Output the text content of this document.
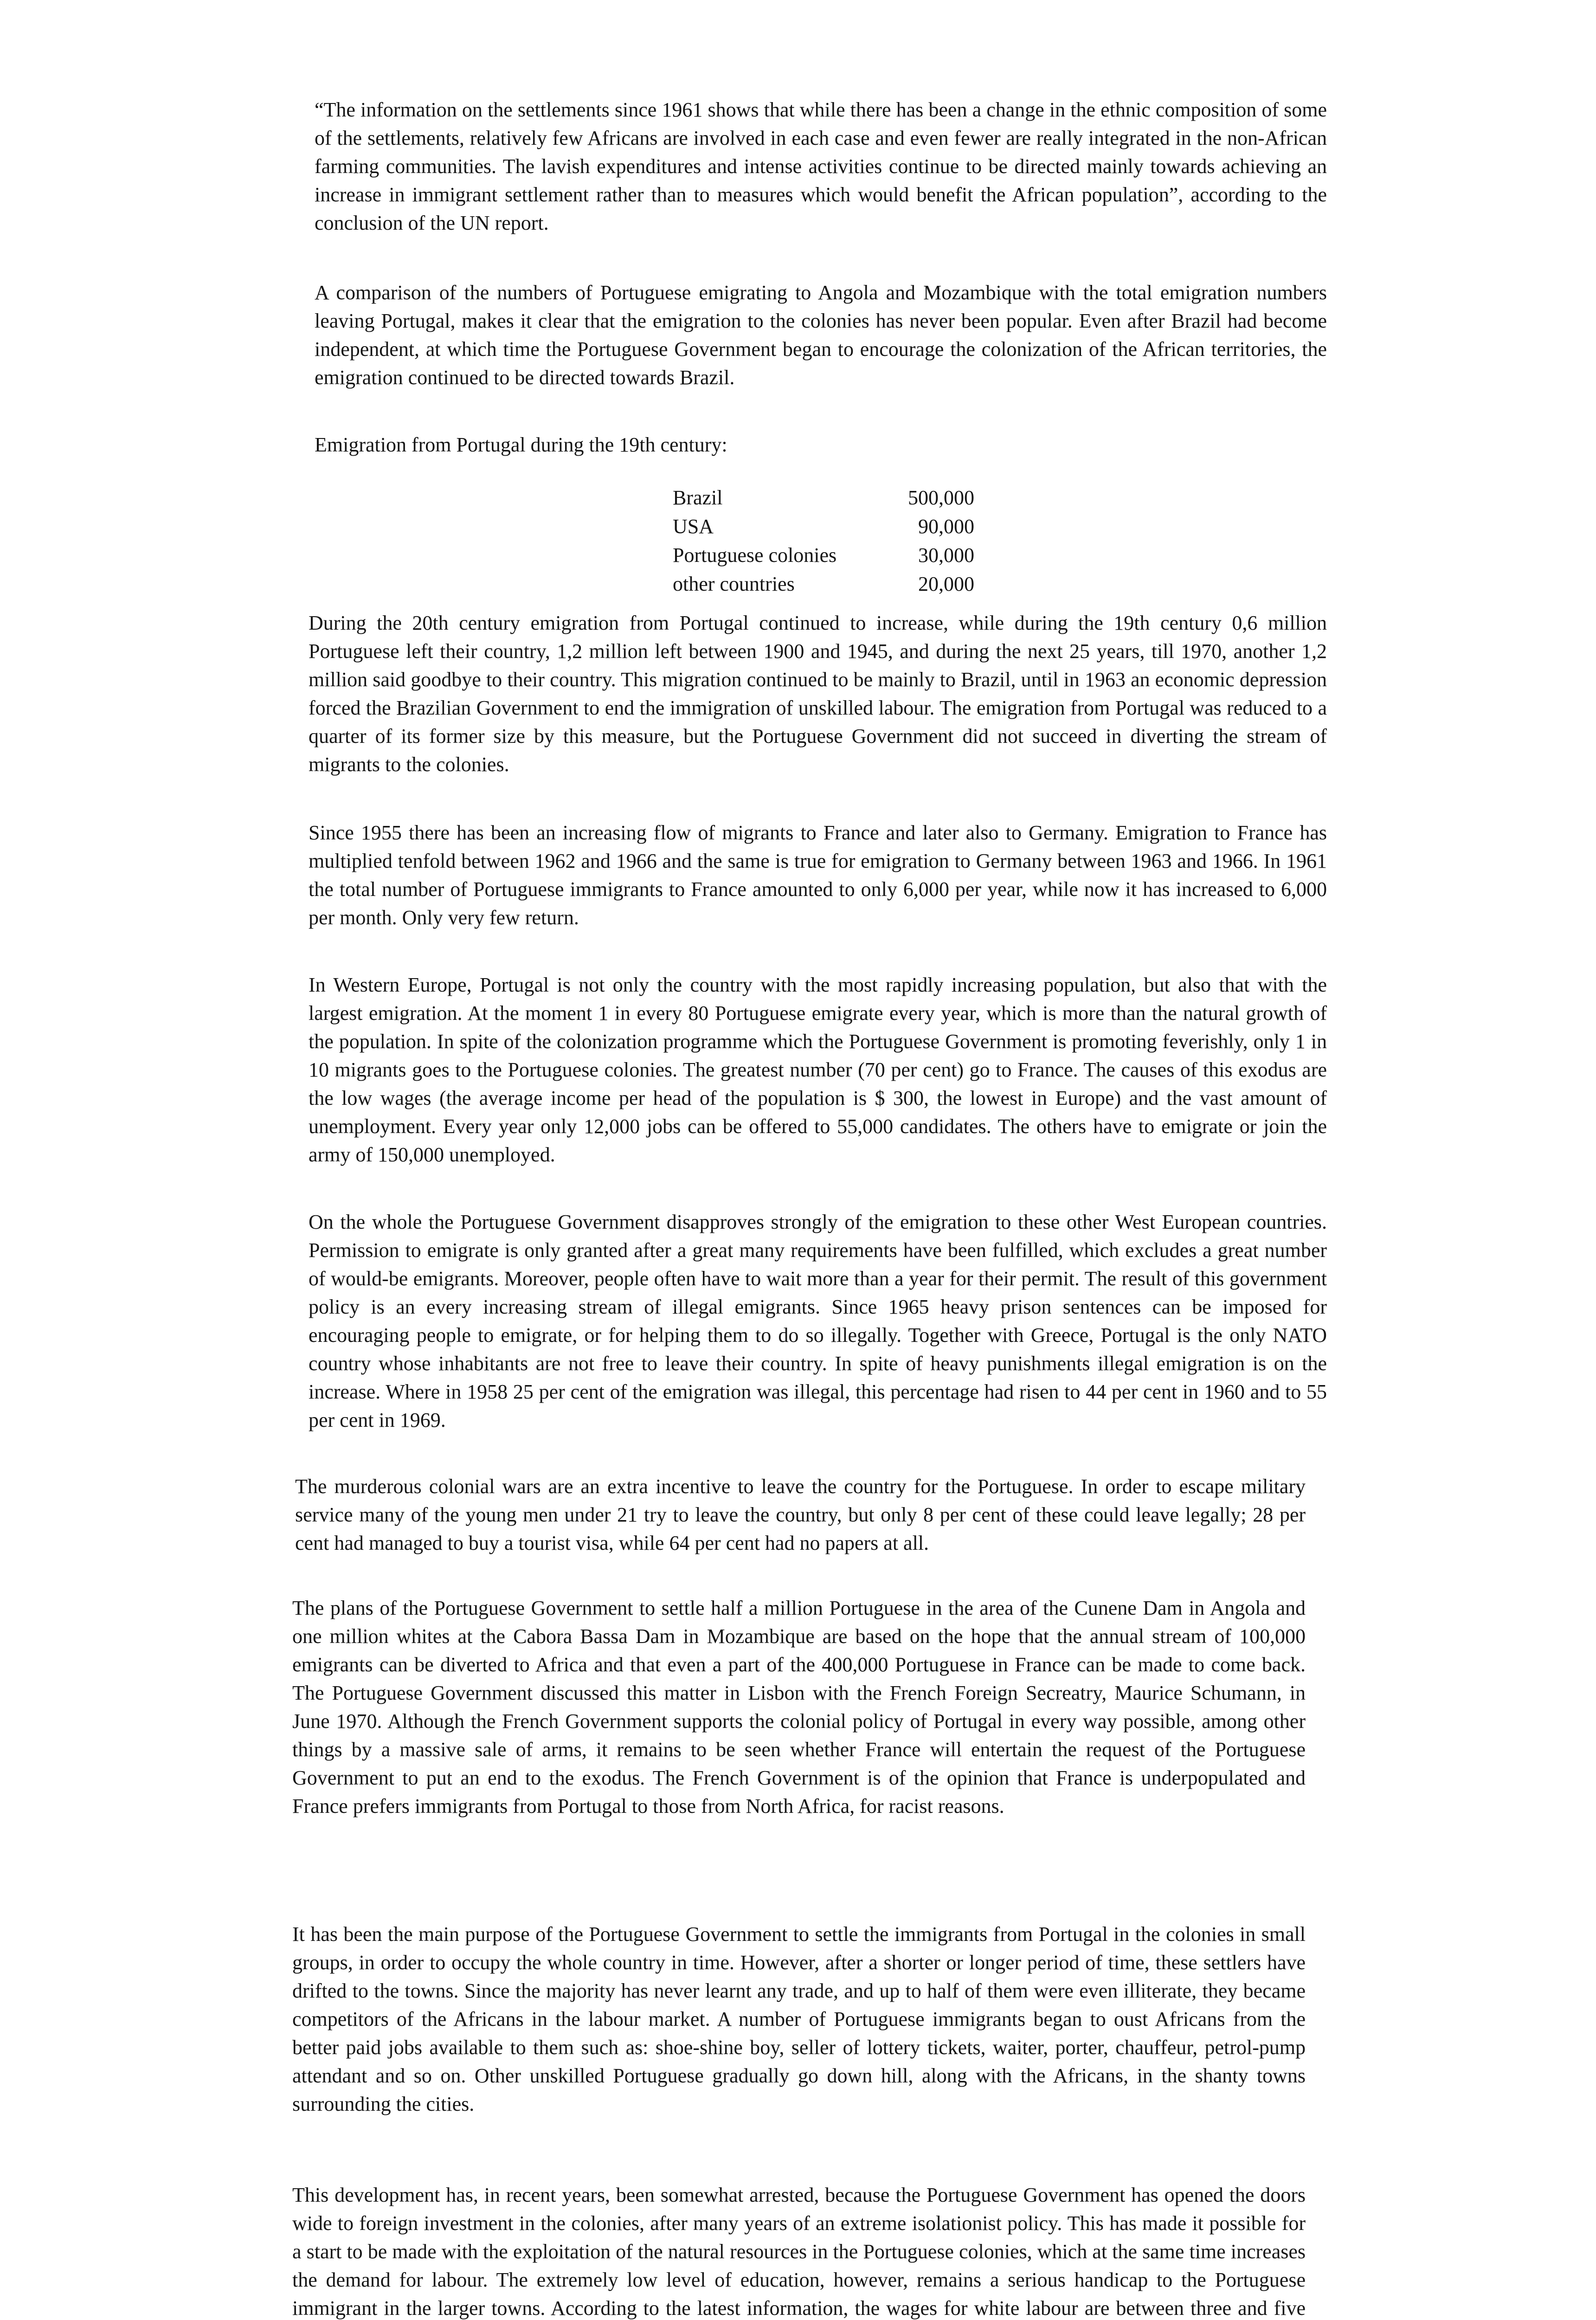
“The information on the settlements since 1961 shows that while there has been a change in the ethnic composition of some of the settlements, relatively few Africans are involved in each case and even fewer are really integrated in the non-African farming communities. The lavish expenditures and intense activities continue to be directed mainly towards achieving an increase in immigrant settlement rather than to measures which would benefit the African population”, according to the conclusion of the UN report.

A comparison of the numbers of Portuguese emigrating to Angola and Mozambique with the total emigration numbers leaving Portugal, makes it clear that the emigration to the colonies has never been popular. Even after Brazil had become independent, at which time the Portuguese Government began to encourage the colonization of the African territories, the emigration continued to be directed towards Brazil.

Emigration from Portugal during the 19th century:

Brazil	500,000
USA	90,000
Portuguese colonies	30,000
other countries	20,000

During the 20th century emigration from Portugal continued to increase, while during the 19th century 0,6 million Portuguese left their country, 1,2 million left between 1900 and 1945, and during the next 25 years, till 1970, another 1,2 million said goodbye to their country. This migration continued to be mainly to Brazil, until in 1963 an economic depression forced the Brazilian Government to end the immigration of unskilled labour. The emigration from Portugal was reduced to a quarter of its former size by this measure, but the Portuguese Government did not succeed in diverting the stream of migrants to the colonies.

Since 1955 there has been an increasing flow of migrants to France and later also to Germany. Emigration to France has multiplied tenfold between 1962 and 1966 and the same is true for emigration to Germany between 1963 and 1966. In 1961 the total number of Portuguese immigrants to France amounted to only 6,000 per year, while now it has increased to 6,000 per month. Only very few return.

In Western Europe, Portugal is not only the country with the most rapidly increasing population, but also that with the largest emigration. At the moment 1 in every 80 Portuguese emigrate every year, which is more than the natural growth of the population. In spite of the colonization programme which the Portuguese Government is promoting feverishly, only 1 in 10 migrants goes to the Portuguese colonies. The greatest number (70 per cent) go to France. The causes of this exodus are the low wages (the average income per head of the population is $ 300, the lowest in Europe) and the vast amount of unemployment. Every year only 12,000 jobs can be offered to 55,000 candidates. The others have to emigrate or join the army of 150,000 unemployed.

On the whole the Portuguese Government disapproves strongly of the emigration to these other West European countries. Permission to emigrate is only granted after a great many requirements have been fulfilled, which excludes a great number of would-be emigrants. Moreover, people often have to wait more than a year for their permit. The result of this government policy is an every increasing stream of illegal emigrants. Since 1965 heavy prison sentences can be imposed for encouraging people to emigrate, or for helping them to do so illegally. Together with Greece, Portugal is the only NATO country whose inhabitants are not free to leave their country. In spite of heavy punishments illegal emigration is on the increase. Where in 1958 25 per cent of the emigration was illegal, this percentage had risen to 44 per cent in 1960 and to 55 per cent in 1969.

The murderous colonial wars are an extra incentive to leave the country for the Portuguese. In order to escape military service many of the young men under 21 try to leave the country, but only 8 per cent of these could leave legally; 28 per cent had managed to buy a tourist visa, while 64 per cent had no papers at all.

The plans of the Portuguese Government to settle half a million Portuguese in the area of the Cunene Dam in Angola and one million whites at the Cabora Bassa Dam in Mozambique are based on the hope that the annual stream of 100,000 emigrants can be diverted to Africa and that even a part of the 400,000 Portuguese in France can be made to come back. The Portuguese Government discussed this matter in Lisbon with the French Foreign Secreatry, Maurice Schumann, in June 1970. Although the French Government supports the colonial policy of Portugal in every way possible, among other things by a massive sale of arms, it remains to be seen whether France will entertain the request of the Portuguese Government to put an end to the exodus. The French Government is of the opinion that France is underpopulated and France prefers immigrants from Portugal to those from North Africa, for racist reasons.

It has been the main purpose of the Portuguese Government to settle the immigrants from Portugal in the colonies in small groups, in order to occupy the whole country in time. However, after a shorter or longer period of time, these settlers have drifted to the towns. Since the majority has never learnt any trade, and up to half of them were even illiterate, they became competitors of the Africans in the labour market. A number of Portuguese immigrants began to oust Africans from the better paid jobs available to them such as: shoe-shine boy, seller of lottery tickets, waiter, porter, chauffeur, petrol-pump attendant and so on. Other unskilled Portuguese gradually go down hill, along with the Africans, in the shanty towns surrounding the cities.

This development has, in recent years, been somewhat arrested, because the Portuguese Government has opened the doors wide to foreign investment in the colonies, after many years of an extreme isolationist policy. This has made it possible for a start to be made with the exploitation of the natural resources in the Portuguese colonies, which at the same time increases the demand for labour. The extremely low level of education, however, remains a serious handicap to the Portuguese immigrant in the larger towns. According to the latest information, the wages for white labour are between three and five
